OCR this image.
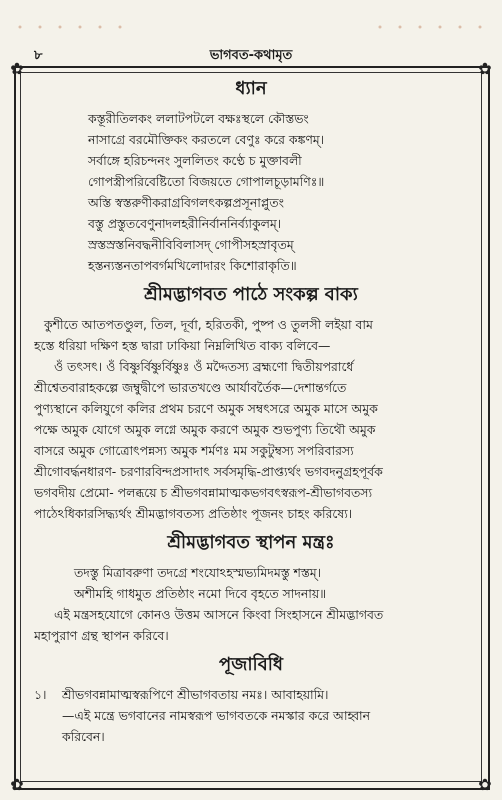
৮	ভাগবত-কথামৃত
✿	✿
✿	✿
ধ্যান
কস্তূরীতিলকং ললাটপটলে বক্ষঃস্থলে কৌস্তভং
নাসাগ্রে বরমৌক্তিকং করতলে বেণুঃ করে কঙ্কণম্।
সর্বাঙ্গে হরিচন্দনং সুললিতং কণ্ঠে চ মুক্তাবলী
গোপস্ত্রীপরিবেষ্টিতো বিজয়তে গোপালচূড়ামণিঃ॥
অস্তি স্বস্তরুণীকরাগ্রবিগলৎকল্পপ্রসূনাপ্লুতং
বস্তু প্রস্তুতবেণুনাদলহরীনির্বাননির্ব্যাকুলম্।
স্রস্তস্রস্তনিবদ্ধনীবিবিলাসদ্ গোপীসহস্রাবৃতম্
হস্তন্যস্তনতাপবর্গমখিলোদারং কিশোরাকৃতি॥
শ্রীমদ্ভাগবত পাঠে সংকল্প বাক্য
কুশীতে আতপতণ্ডুল, তিল, দূর্বা, হরিতকী, পুষ্প ও তুলসী লইয়া বাম
হস্তে ধরিয়া দক্ষিণ হস্ত দ্বারা ঢাকিয়া নিম্নলিখিত বাক্য বলিবে—
ওঁ তৎসৎ। ওঁ বিষ্ণুর্বিষ্ণুর্বিষ্ণুঃ ওঁ মদ্দৈতস্য ব্রহ্মণো দ্বিতীয়পরার্ধে
শ্রীশ্বেতবারাহকল্পে জম্বুদ্বীপে ভারতখণ্ডে আর্যাবর্তৈক—দেশান্তর্গতে
পুণ্যস্থানে কলিযুগে কলির প্রথম চরণে অমুক সম্বৎসরে অমুক মাসে অমুক
পক্ষে অমুক যোগে অমুক লগ্নে অমুক করণে অমুক শুভপুণ্য তিথৌ অমুক
বাসরে অমুক গোত্রোৎপন্নস্য অমুক শর্মণঃ মম সকুটুম্বস্য সপরিবারস্য
শ্রীগোবর্দ্ধনধারণ- চরণারবিন্দপ্রসাদাৎ সর্বসমৃদ্ধি-প্রাপ্ত্যর্থং ভগবদনুগ্রহপূর্বক
ভগবদীয় প্রেমো- পলব্ধয়ে চ শ্রীভগবন্নামাত্মকভগবৎস্বরূপ-শ্রীভাগবতস্য
পাঠেঽধিকারসিদ্ধ্যর্থং শ্রীমদ্ভাগবতস্য প্রতিষ্ঠাং পূজনং চাহং করিষ্যে।
শ্রীমদ্ভাগবত স্থাপন মন্ত্রঃ
তদস্তু মিত্রাবরুণা তদগ্রে শংযোঽহস্মভ্যমিদমস্তু শস্তম্।
অশীমহি গাধমুত প্রতিষ্ঠাং নমো দিবে বৃহতে সাদনায়॥
এই মন্ত্রসহযোগে কোনও উত্তম আসনে কিংবা সিংহাসনে শ্রীমদ্ভাগবত
মহাপুরাণ গ্রন্থ স্থাপন করিবে।
পূজাবিধি
১। শ্রীভগবন্নামাত্মস্বরূপিণে শ্রীভাগবতায় নমঃ। আবাহয়ামি।
—এই মন্ত্রে ভগবানের নামস্বরূপ ভাগবতকে নমস্কার করে আহ্বান
করিবেন।
